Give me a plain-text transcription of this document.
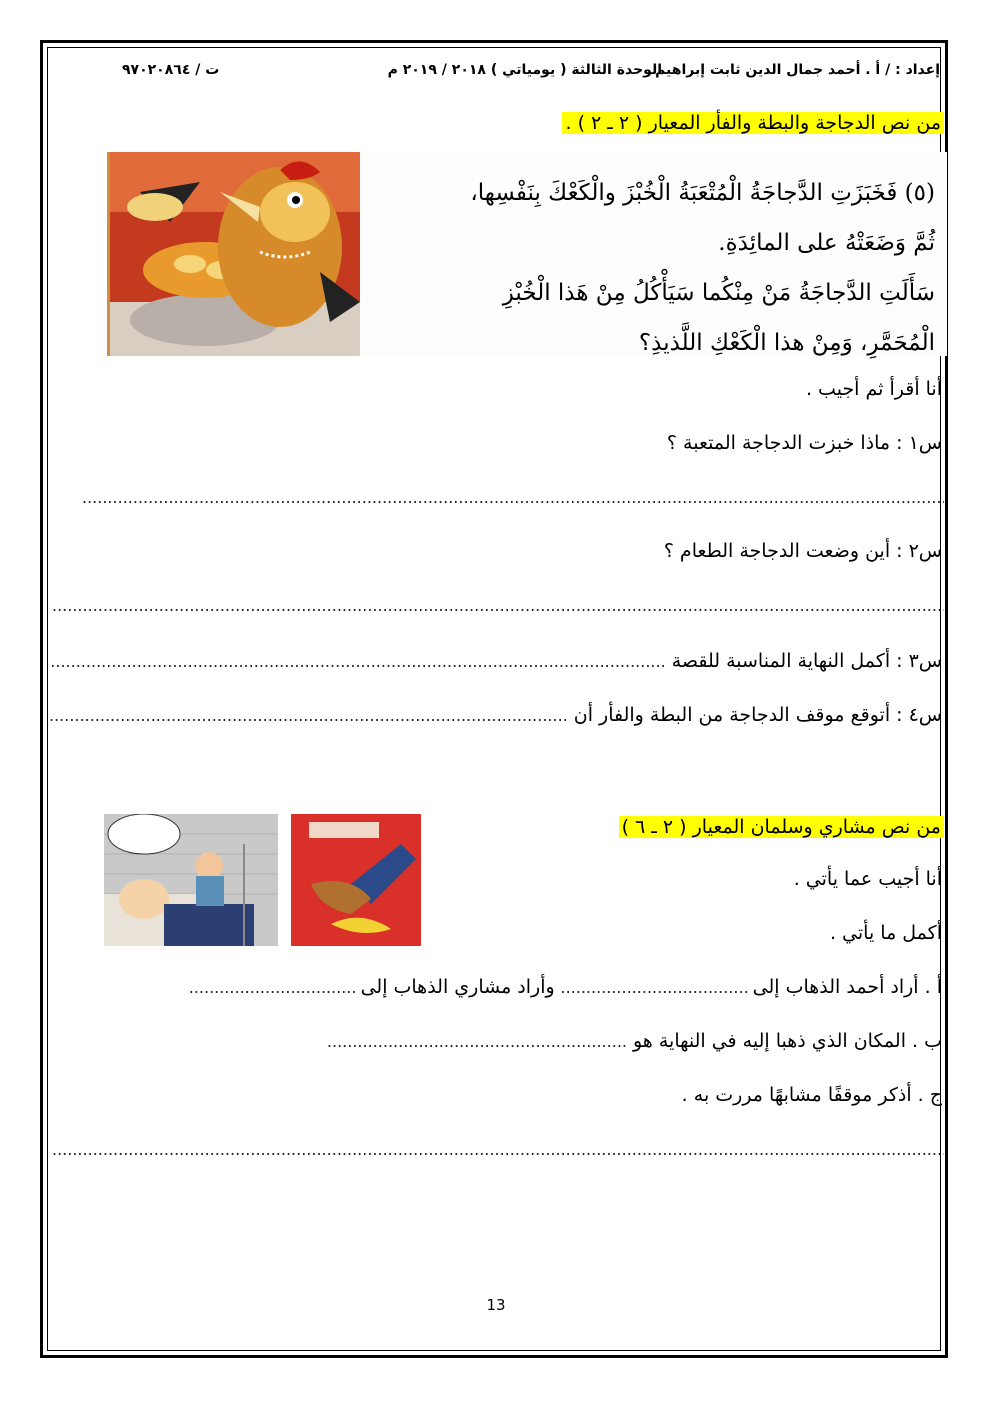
إعداد : / أ . أحمد جمال الدين ثابت إبراهيم
الوحدة الثالثة ( يومياتي ) ٢٠١٨ / ٢٠١٩ م
ت / ٩٧٠٢٠٨٦٤
من نص الدجاجة والبطة والفأر المعيار ( ٢ ـ ٢ ) .
(٥) فَخَبَزَتِ الدَّجاجَةُ الْمُتْعَبَةُ الْخُبْزَ والْكَعْكَ بِنَفْسِها،
ثُمَّ وَضَعَتْهُ على المائِدَةِ.
سَأَلَتِ الدَّجاجَةُ مَنْ مِنْكُما سَيَأْكُلُ مِنْ هَذا الْخُبْزِ
الْمُحَمَّرِ، وَمِنْ هذا الْكَعْكِ اللَّذيذِ؟
أنا أقرأ ثم أجيب .
س١ : ماذا خبزت الدجاجة المتعبة ؟
.....
س٢ : أين وضعت الدجاجة الطعام ؟
.....
س٣ : أكمل النهاية المناسبة للقصة
.....
س٤ : أتوقع موقف الدجاجة من البطة والفأر أن
.....
من نص مشاري وسلمان المعيار ( ٢ ـ ٦ )
أنا أجيب عما يأتي .
أكمل ما يأتي .
أ . أراد أحمد الذهاب إلى
.....
وأراد مشاري الذهاب إلى
.....
ب . المكان الذي ذهبا إليه في النهاية هو
.....
ج . أذكر موقفًا مشابهًا مررت به .
.....
13
